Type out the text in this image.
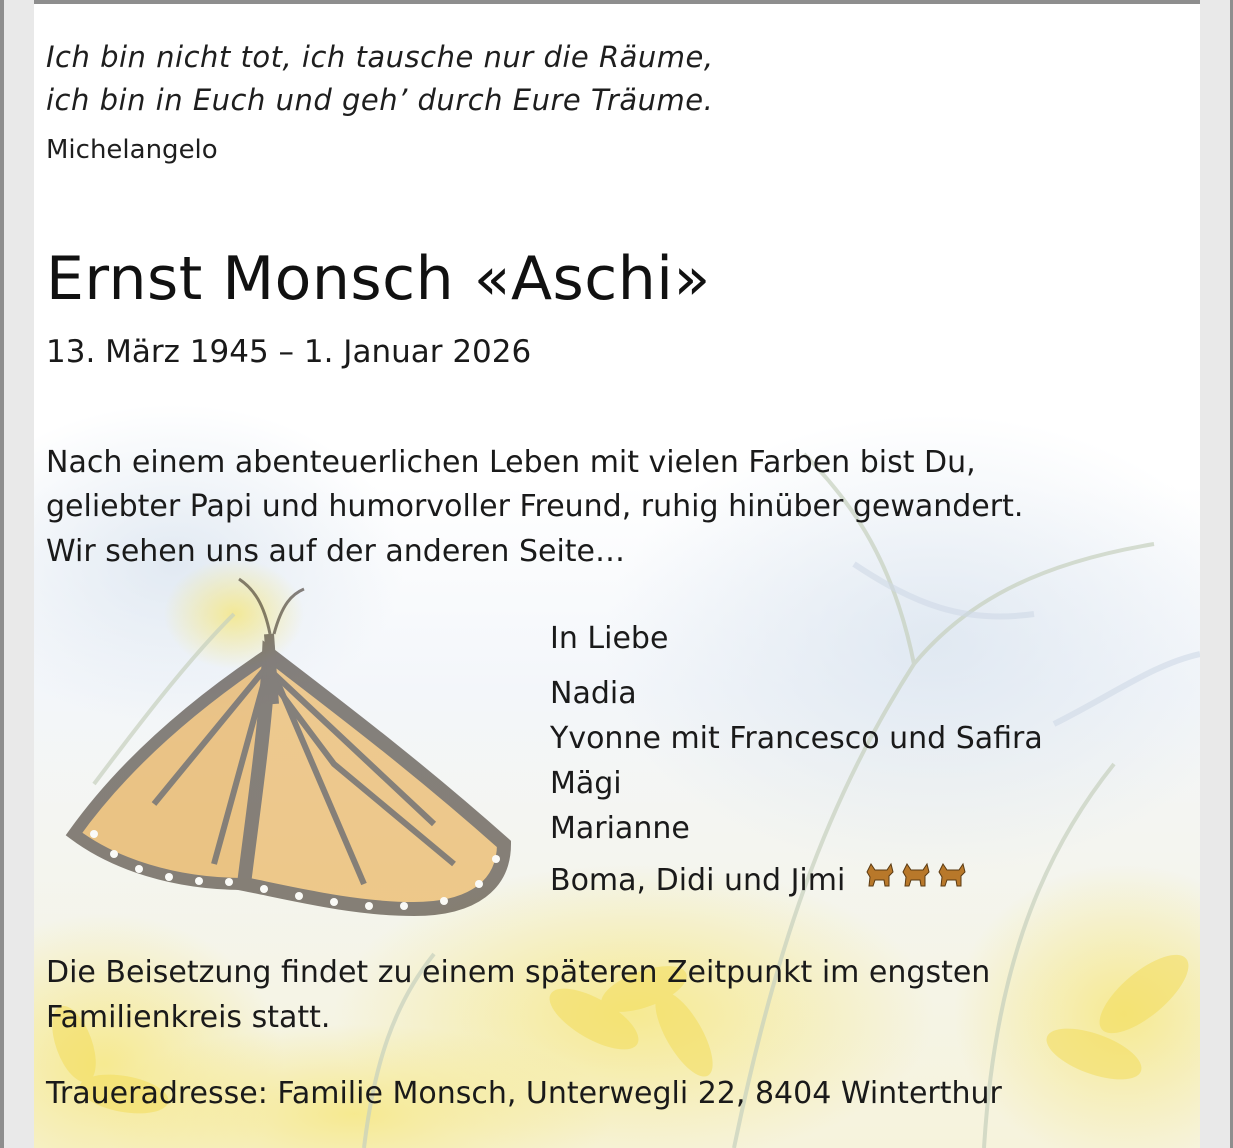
Ich bin nicht tot, ich tausche nur die Räume,

ich bin in Euch und geh’ durch Eure Träume.

Michelangelo

Ernst Monsch «Aschi»

13. März 1945 – 1. Januar 2026

Nach einem abenteuerlichen Leben mit vielen Farben bist Du,

geliebter Papi und humorvoller Freund, ruhig hinüber gewandert.

Wir sehen uns auf der anderen Seite…

In Liebe

Nadia

Yvonne mit Francesco und Safira

Mägi

Marianne

Boma, Didi und Jimi

Die Beisetzung findet zu einem späteren Zeitpunkt im engsten

Familienkreis statt.

Traueradresse: Familie Monsch, Unterwegli 22, 8404 Winterthur
